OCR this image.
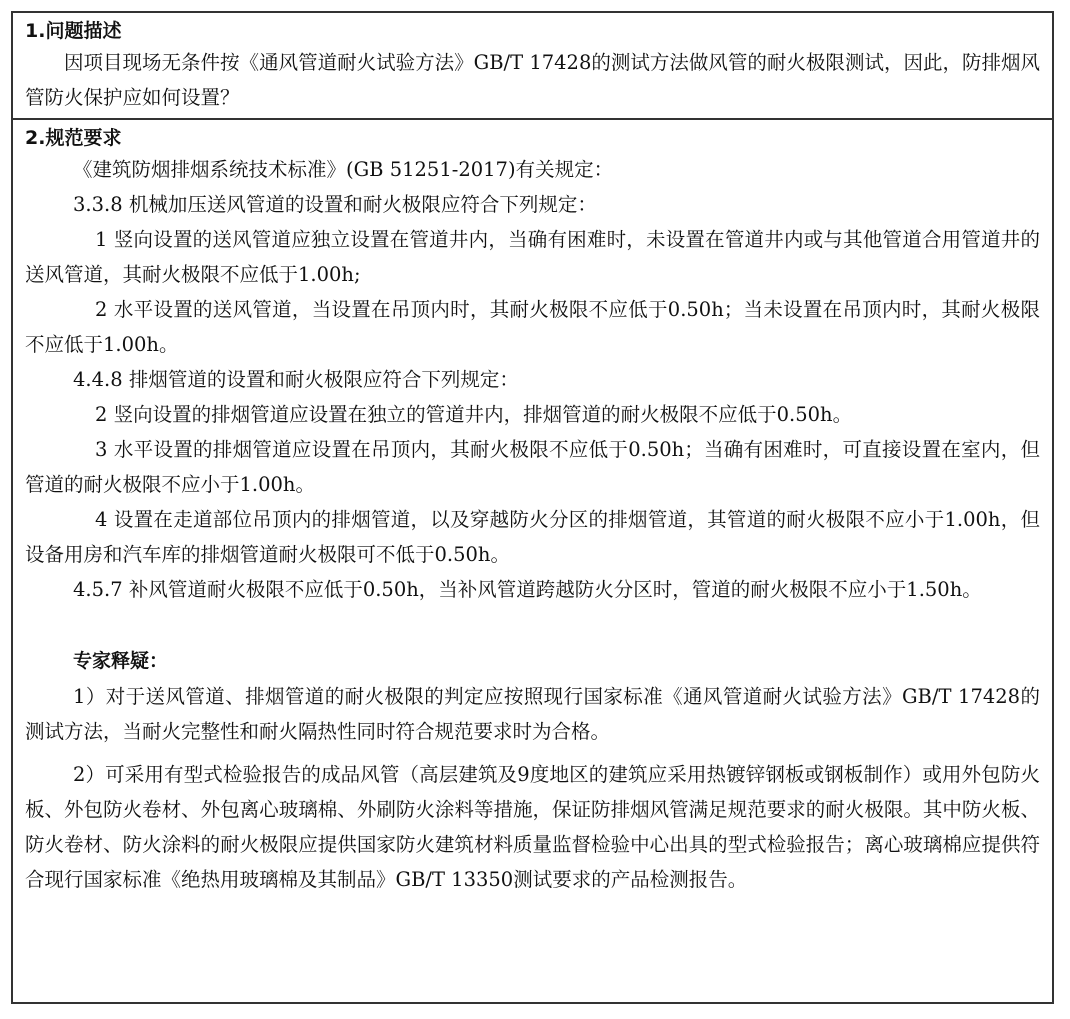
1.问题描述

因项目现场无条件按《通风管道耐火试验方法》GB/T 17428的测试方法做风管的耐火极限测试，因此，防排烟风管防火保护应如何设置？

2.规范要求

《建筑防烟排烟系统技术标准》(GB 51251-2017)有关规定：

3.3.8 机械加压送风管道的设置和耐火极限应符合下列规定：

1 竖向设置的送风管道应独立设置在管道井内，当确有困难时，未设置在管道井内或与其他管道合用管道井的送风管道，其耐火极限不应低于1.00h;

2 水平设置的送风管道，当设置在吊顶内时，其耐火极限不应低于0.50h；当未设置在吊顶内时，其耐火极限不应低于1.00h。

4.4.8 排烟管道的设置和耐火极限应符合下列规定：

2 竖向设置的排烟管道应设置在独立的管道井内，排烟管道的耐火极限不应低于0.50h。

3 水平设置的排烟管道应设置在吊顶内，其耐火极限不应低于0.50h；当确有困难时，可直接设置在室内，但管道的耐火极限不应小于1.00h。

4 设置在走道部位吊顶内的排烟管道，以及穿越防火分区的排烟管道，其管道的耐火极限不应小于1.00h，但设备用房和汽车库的排烟管道耐火极限可不低于0.50h。

4.5.7 补风管道耐火极限不应低于0.50h，当补风管道跨越防火分区时，管道的耐火极限不应小于1.50h。

专家释疑：

1）对于送风管道、排烟管道的耐火极限的判定应按照现行国家标准《通风管道耐火试验方法》GB/T 17428的测试方法，当耐火完整性和耐火隔热性同时符合规范要求时为合格。

2）可采用有型式检验报告的成品风管（高层建筑及9度地区的建筑应采用热镀锌钢板或钢板制作）或用外包防火板、外包防火卷材、外包离心玻璃棉、外刷防火涂料等措施，保证防排烟风管满足规范要求的耐火极限。其中防火板、防火卷材、防火涂料的耐火极限应提供国家防火建筑材料质量监督检验中心出具的型式检验报告；离心玻璃棉应提供符合现行国家标准《绝热用玻璃棉及其制品》GB/T 13350测试要求的产品检测报告。
